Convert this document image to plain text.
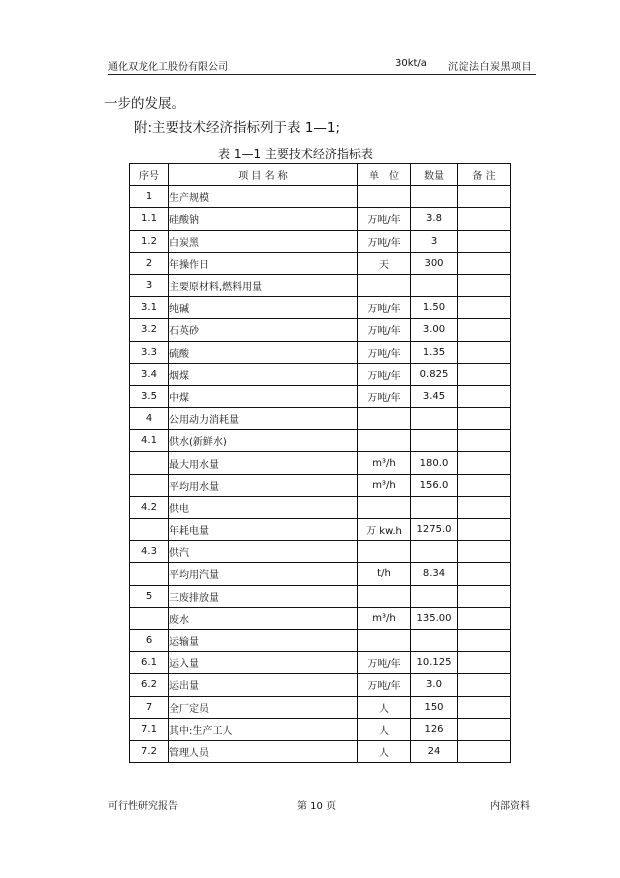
通化双龙化工股份有限公司	30kt/a 沉淀法白炭黑项目
一步的发展。
附:主要技术经济指标列于表 1—1;
表 1—1 主要技术经济指标表
序号	项 目 名 称	单　位	数量	备 注
1	生产规模			
1.1	硅酸钠	万吨/年	3.8	
1.2	白炭黑	万吨/年	3	
2	年操作日	天	300	
3	主要原材料,燃料用量			
3.1	纯碱	万吨/年	1.50	
3.2	石英砂	万吨/年	3.00	
3.3	硫酸	万吨/年	1.35	
3.4	烟煤	万吨/年	0.825	
3.5	中煤	万吨/年	3.45	
4	公用动力消耗量			
4.1	供水(新鲜水)			
	最大用水量	m³/h	180.0	
	平均用水量	m³/h	156.0	
4.2	供电			
	年耗电量	万 kw.h	1275.0	
4.3	供汽			
	平均用汽量	t/h	8.34	
5	三废排放量			
	废水	m³/h	135.00	
6	运输量			
6.1	运入量	万吨/年	10.125	
6.2	运出量	万吨/年	3.0	
7	全厂定员	人	150	
7.1	其中:生产工人	人	126	
7.2	管理人员	人	24	
可行性研究报告	第 10 页	内部资料
